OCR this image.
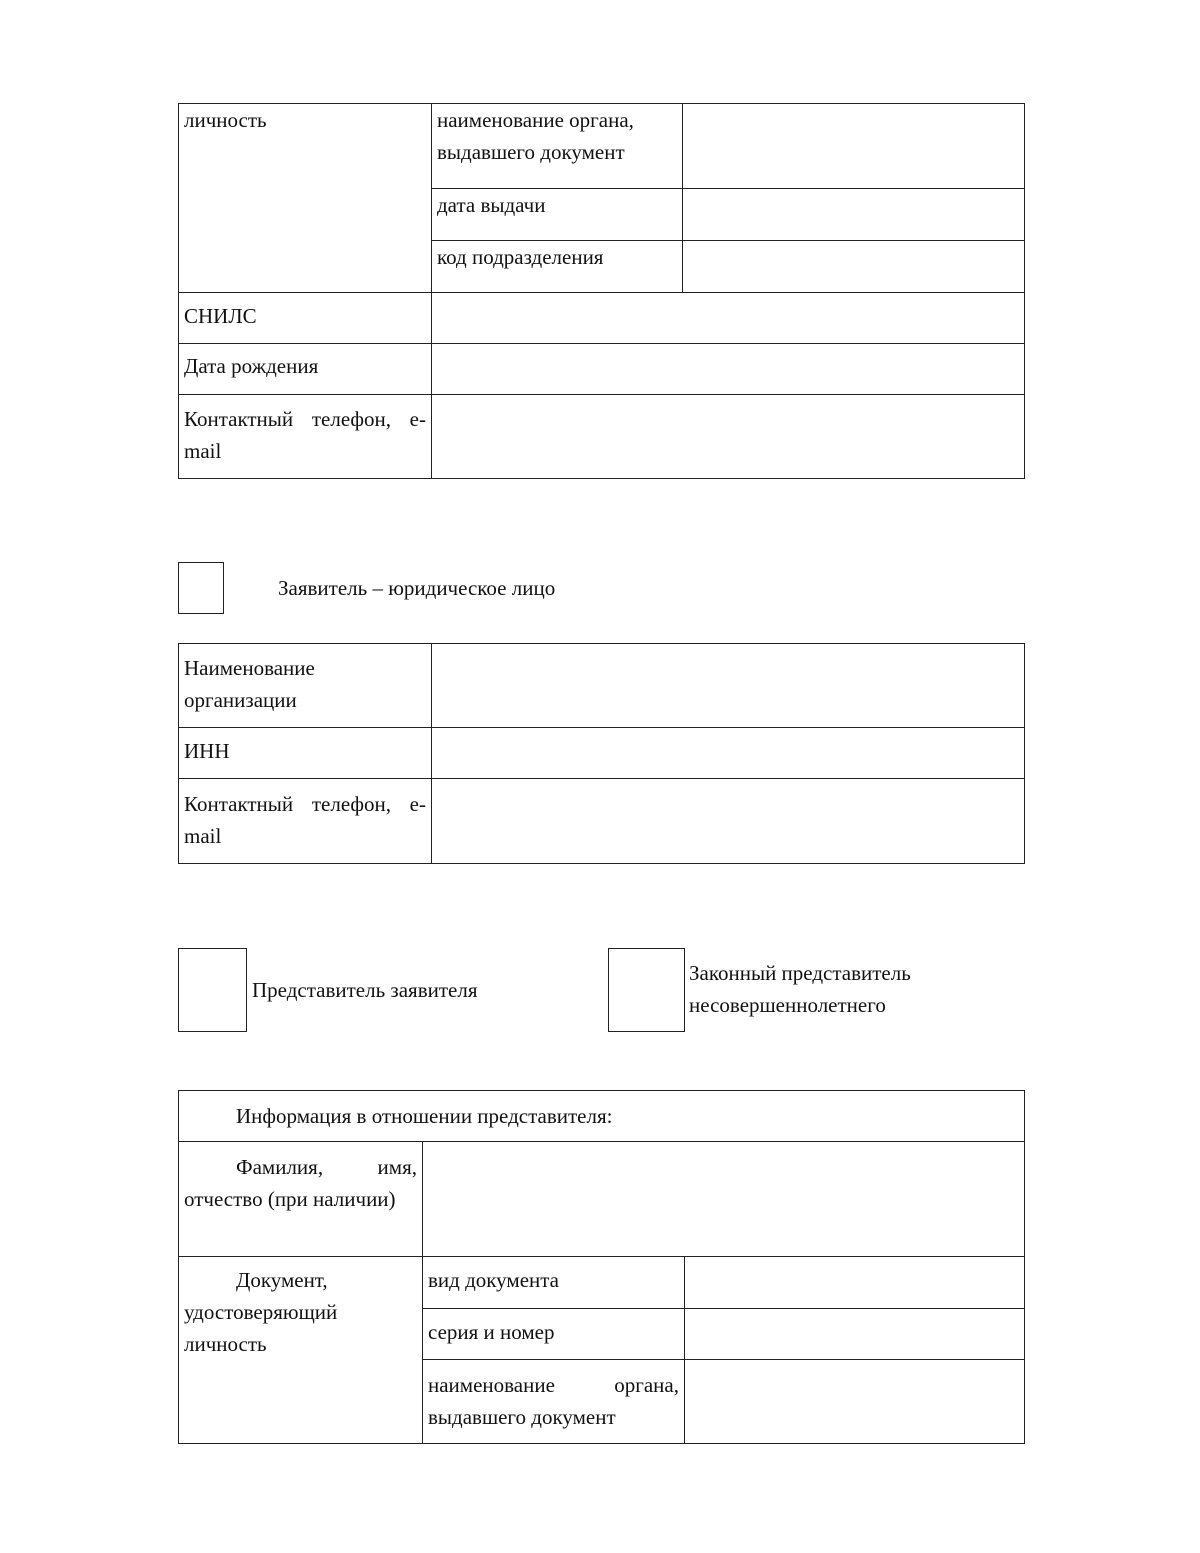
личность	наименование органа, выдавшего документ	
	дата выдачи	
	код подразделения	
СНИЛС		
Дата рождения		
Контактный телефон, e-mail		
Заявитель – юридическое лицо
Наименование организации	
ИНН	
Контактный телефон, e-mail	
Представитель заявителя
Законный представитель несовершеннолетнего
Информация в отношении представителя:		
Фамилия, имя, отчество (при наличии)		
Документ, удостоверяющий личность	вид документа	
	серия и номер	
	наименование органа, выдавшего документ	
